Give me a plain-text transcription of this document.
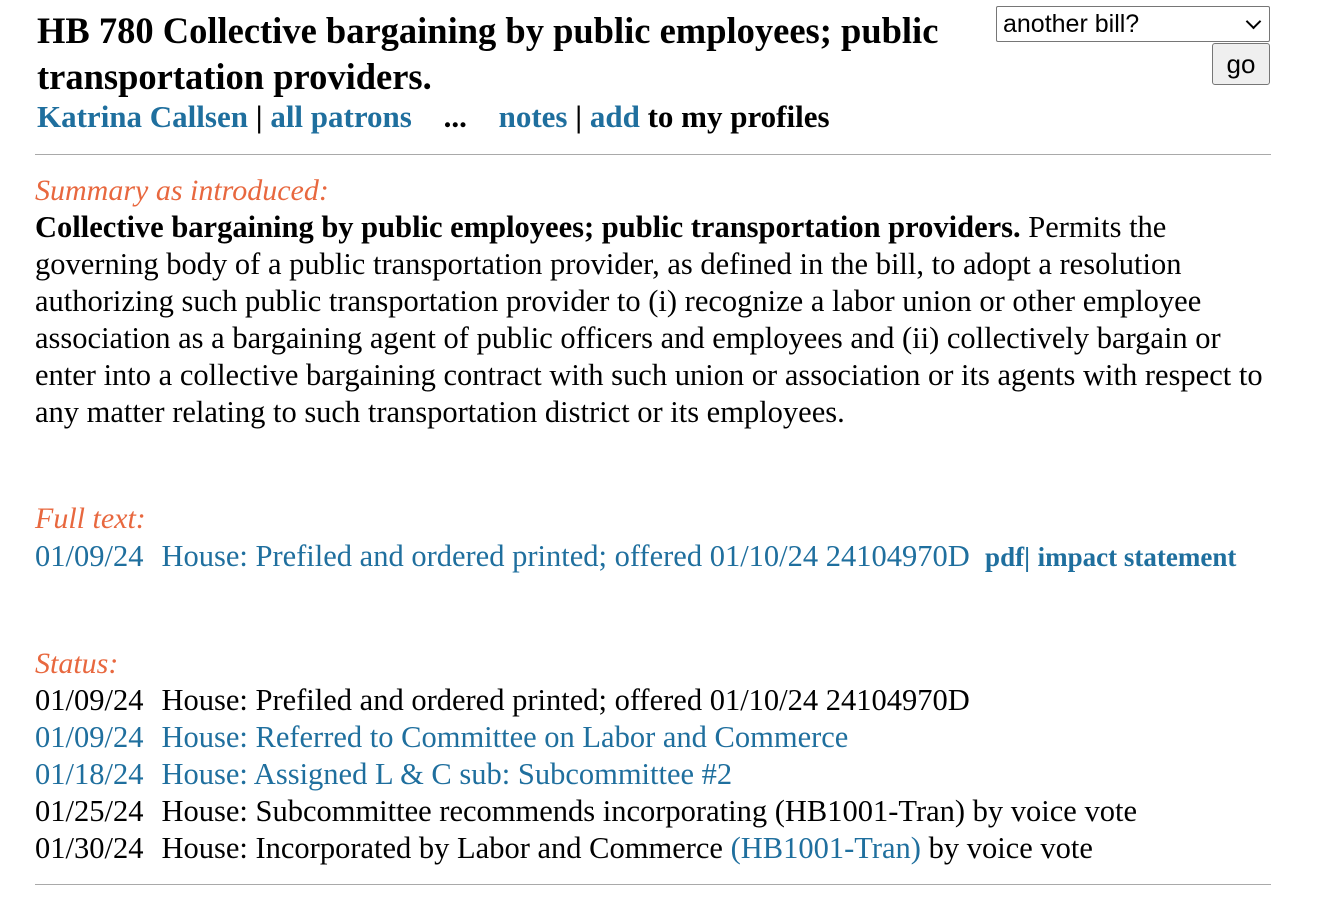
HB 780 Collective bargaining by public employees; public transportation providers.
Katrina Callsen | all patrons ... notes | add to my profiles
another bill?
go
Summary as introduced:

Collective bargaining by public employees; public transportation providers. Permits the governing body of a public transportation provider, as defined in the bill, to adopt a resolution authorizing such public transportation provider to (i) recognize a labor union or other employee association as a bargaining agent of public officers and employees and (ii) collectively bargain or enter into a collective bargaining contract with such union or association or its agents with respect to any matter relating to such transportation district or its employees.

Full text:
01/09/24 House: Prefiled and ordered printed; offered 01/10/24 24104970D pdf| impact statement
Status:
01/09/24 House: Prefiled and ordered printed; offered 01/10/24 24104970D
01/09/24 House: Referred to Committee on Labor and Commerce
01/18/24 House: Assigned L & C sub: Subcommittee #2
01/25/24 House: Subcommittee recommends incorporating (HB1001-Tran) by voice vote
01/30/24 House: Incorporated by Labor and Commerce (HB1001-Tran) by voice vote
